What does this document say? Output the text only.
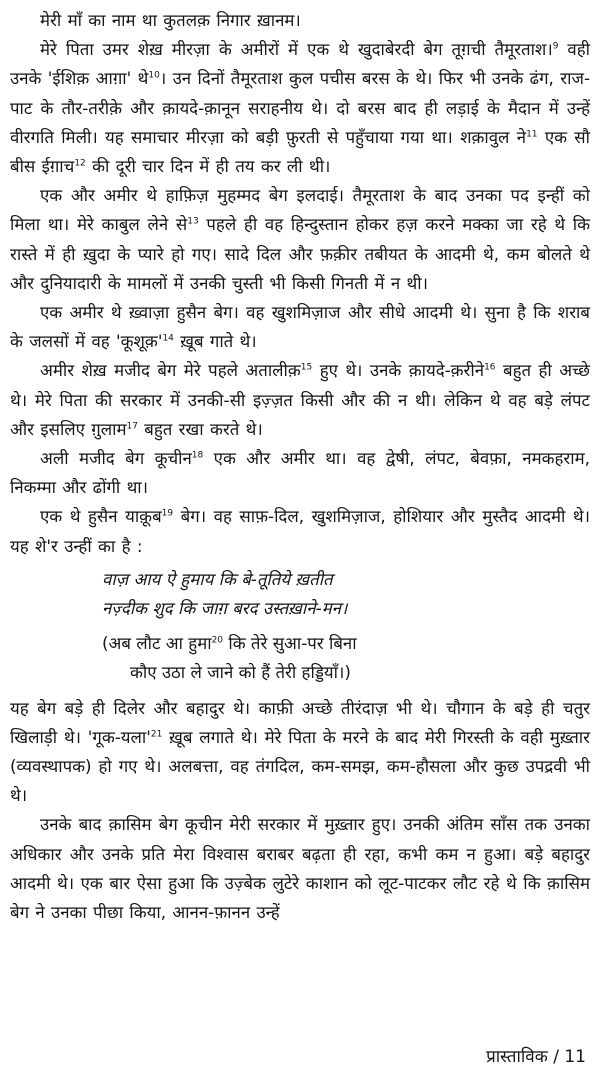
मेरी माँ का नाम था कुतलक़ निगार ख़ानम।

मेरे पिता उमर शेख़ मीरज़ा के अमीरों में एक थे खुदाबेरदी बेग तूग़ची तैमूरताश।$^9$ वही उनके 'ईशिक़ आग़ा' थे$^{10}$। उन दिनों तैमूरताश कुल पचीस बरस के थे। फिर भी उनके ढंग, राज-पाट के तौर-तरीक़े और क़ायदे-क़ानून सराहनीय थे। दो बरस बाद ही लड़ाई के मैदान में उन्हें वीरगति मिली। यह समाचार मीरज़ा को बड़ी फ़ुरती से पहुँचाया गया था। शक़ावुल ने$^{11}$ एक सौ बीस ईग़ाच$^{12}$ की दूरी चार दिन में ही तय कर ली थी।

एक और अमीर थे हाफ़िज़ मुहम्मद बेग इलदाई। तैमूरताश के बाद उनका पद इन्हीं को मिला था। मेरे काबुल लेने से$^{13}$ पहले ही वह हिन्दुस्तान होकर हज़ करने मक्का जा रहे थे कि रास्ते में ही ख़ुदा के प्यारे हो गए। सादे दिल और फ़क़ीर तबीयत के आदमी थे, कम बोलते थे और दुनियादारी के मामलों में उनकी चुस्ती भी किसी गिनती में न थी।

एक अमीर थे ख़्वाज़ा हुसैन बेग। वह खुशमिज़ाज और सीधे आदमी थे। सुना है कि शराब के जलसों में वह '$कूशूक़'^{14}$ ख़ूब गाते थे।

अमीर शेख़ मजीद बेग मेरे पहले अतालीक़$^{15}$ हुए थे। उनके क़ायदे-क़रीने$^{16}$ बहुत ही अच्छे थे। मेरे पिता की सरकार में उनकी-सी इज़्ज़त किसी और की न थी। लेकिन थे वह बड़े लंपट और इसलिए ग़ुलाम$^{17}$ बहुत रखा करते थे।

अली मजीद बेग कूचीन$^{18}$ एक और अमीर था। वह द्वेषी, लंपट, बेवफ़ा, नमकहराम, निकम्मा और ढोंगी था।

एक थे हुसैन याक़ूब$^{19}$ बेग। वह साफ़-दिल, खुशमिज़ाज, होशियार और मुस्तैद आदमी थे। यह शे'र उन्हीं का है :

वाज़ आय ऐ हुमाय कि बे-तूतिये ख़तीत
नज़्दीक शुद कि जाग़ बरद उस्तख़ाने-मन।
(अब लौट आ हुमा$^{20}$ कि तेरे सुआ-पर बिना
कौए उठा ले जाने को हैं तेरी हड्डियाँ।)

यह बेग बड़े ही दिलेर और बहादुर थे। काफ़ी अच्छे तीरंदाज़ भी थे। चौगान के बड़े ही चतुर खिलाड़ी थे। '$गूक-यला'^{21}$ ख़ूब लगाते थे। मेरे पिता के मरने के बाद मेरी गिरस्ती के वही मुख़्तार (व्यवस्थापक) हो गए थे। अलबत्ता, वह तंगदिल, कम-समझ, कम-हौसला और कुछ उपद्रवी भी थे।

उनके बाद क़ासिम बेग कूचीन मेरी सरकार में मुख़्तार हुए। उनकी अंतिम साँस तक उनका अधिकार और उनके प्रति मेरा विश्वास बराबर बढ़ता ही रहा, कभी कम न हुआ। बड़े बहादुर आदमी थे। एक बार ऐसा हुआ कि उज़्बेक लुटेरे काशान को लूट-पाटकर लौट रहे थे कि क़ासिम बेग ने उनका पीछा किया, आनन-फ़ानन उन्हें

प्रास्ताविक / 11
